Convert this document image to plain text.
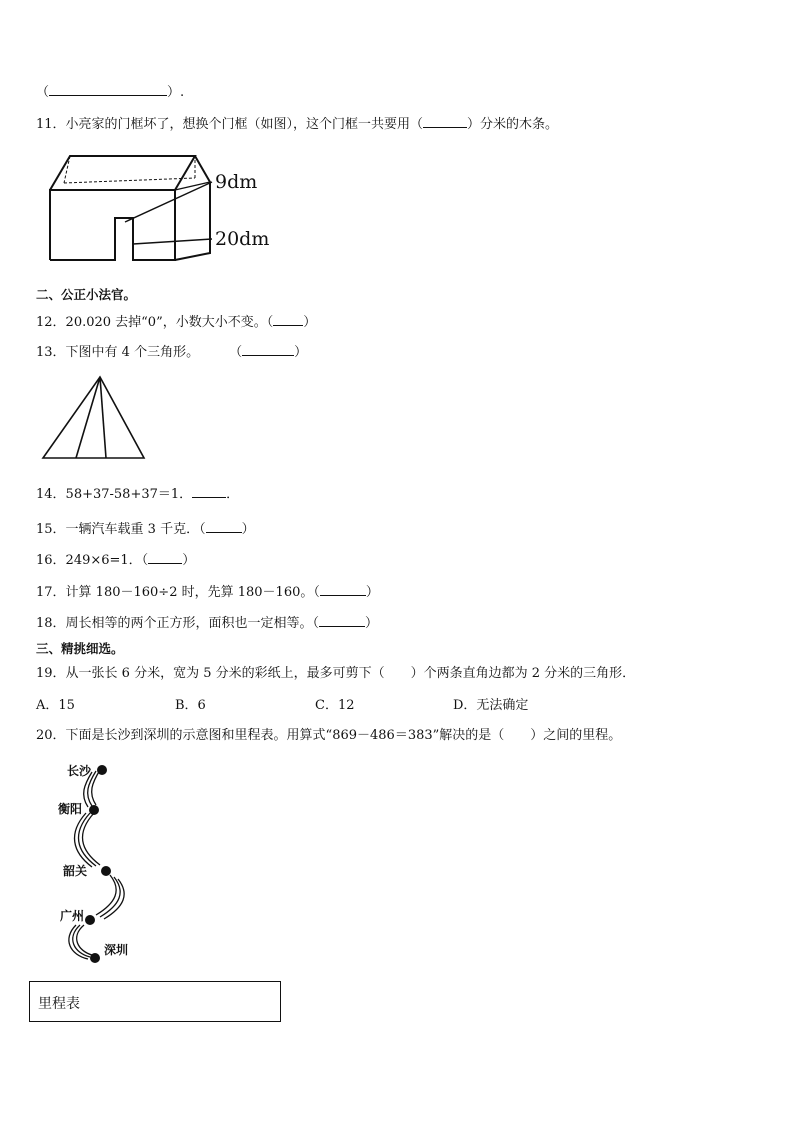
（	）.
11．小亮家的门框坏了，想换个门框（如图），这个门框一共要用（	）分米的木条。
9dm
20dm
二、公正小法官。
12．20.020 去掉“0”，小数大小不变。（ ）
13．下图中有 4 个三角形。 （	）
14．58+37-58+37＝1．	．
15．一辆汽车载重 3 千克．（	）
16．249×6=1．（	）
17．计算 180－160÷2 时，先算 180－160。（	）
18．周长相等的两个正方形，面积也一定相等。（	）
三、精挑细选。
19．从一张长 6 分米，宽为 5 分米的彩纸上，最多可剪下（　　）个两条直角边都为 2 分米的三角形．
A．15	B．6	C．12	D．无法确定
20．下面是长沙到深圳的示意图和里程表。用算式“869－486＝383”解决的是（　　）之间的里程。
长沙
衡阳
韶关
广州
深圳
里程表
